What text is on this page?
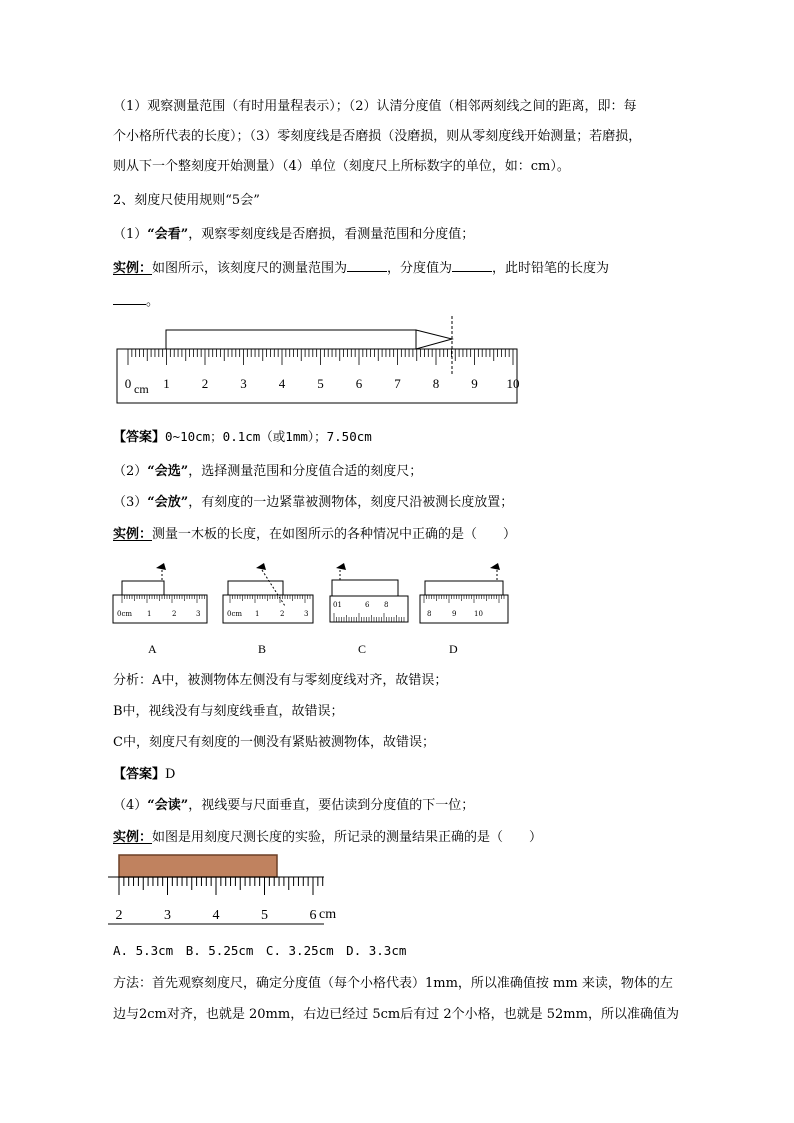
（1）观察测量范围（有时用量程表示）；（2）认清分度值（相邻两刻线之间的距离，即：每
个小格所代表的长度）；（3）零刻度线是否磨损（没磨损，则从零刻度线开始测量；若磨损，
则从下一个整刻度开始测量）（4）单位（刻度尺上所标数字的单位，如：cm）。
2、刻度尺使用规则“5会”
（1）“会看”，观察零刻度线是否磨损，看测量范围和分度值；
实例：如图所示，该刻度尺的测量范围为	，分度值为	，此时铅笔的长度为
。
0 1 2 3 4 5 6 7 8 9 10
cm
【答案】0~10cm；0.1cm（或1mm）；7.50cm
（2）“会选”，选择测量范围和分度值合适的刻度尺；
（3）“会放”，有刻度的一边紧靠被测物体，刻度尺沿被测长度放置；
实例：测量一木板的长度，在如图所示的各种情况中正确的是（　　）
0cm 1	2	3	0cm 1	2	3
01	6 8
8	9	10
A	B	C	D
分析：A中，被测物体左侧没有与零刻度线对齐，故错误；
B中，视线没有与刻度线垂直，故错误；
C中，刻度尺有刻度的一侧没有紧贴被测物体，故错误；
【答案】D
（4）“会读”，视线要与尺面垂直，要估读到分度值的下一位；
实例：如图是用刻度尺测长度的实验，所记录的测量结果正确的是（　　）
2	3	4	5	6 cm
A. 5.3cm　B. 5.25cm　C. 3.25cm　D. 3.3cm
方法：首先观察刻度尺，确定分度值（每个小格代表）1mm，所以准确值按 mm 来读，物体的左
边与2cm对齐，也就是 20mm，右边已经过 5cm后有过 2个小格，也就是 52mm，所以准确值为
